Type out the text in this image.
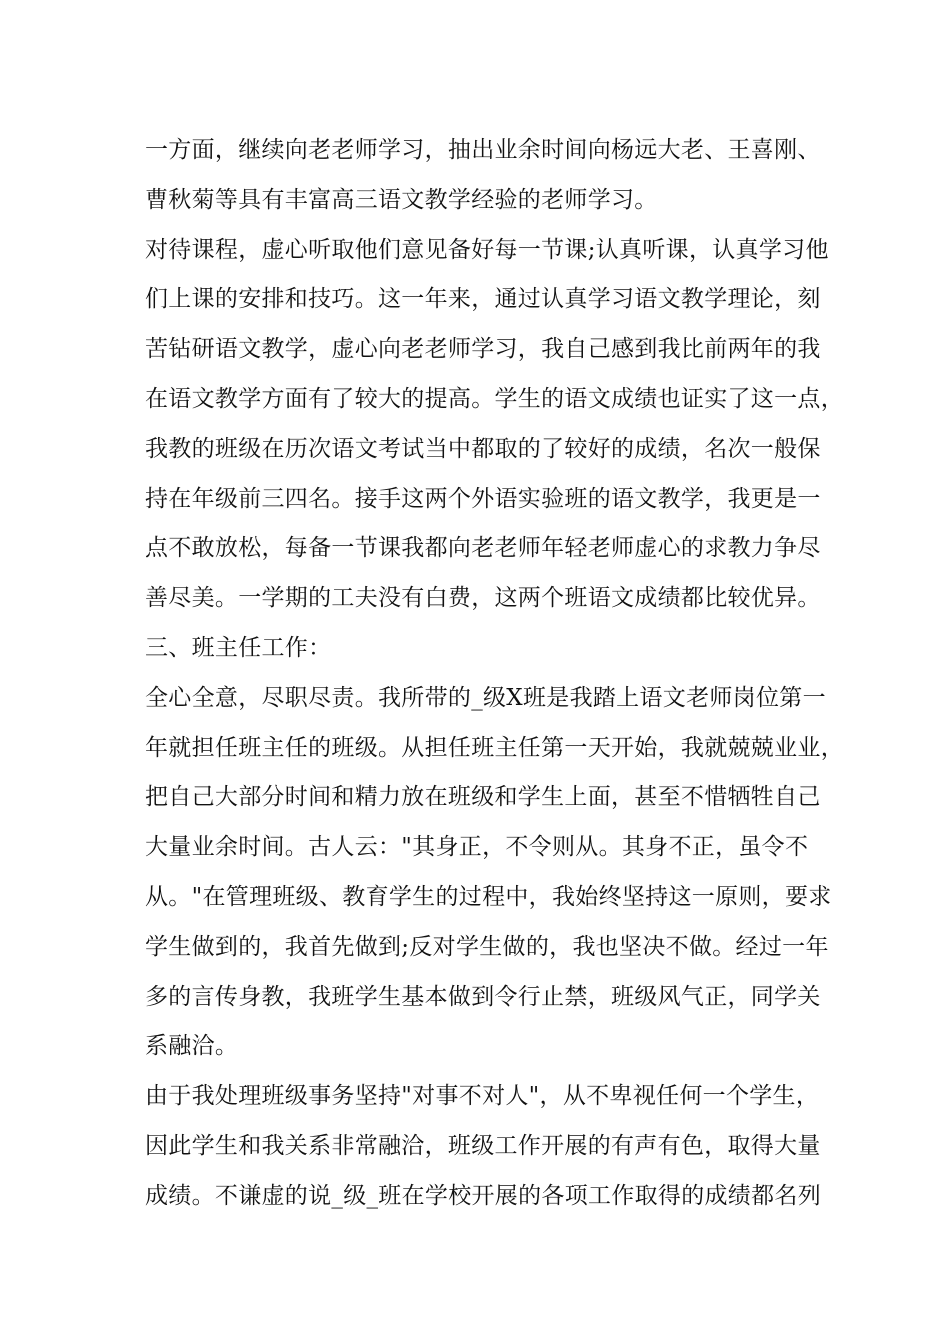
一方面，继续向老老师学习，抽出业余时间向杨远大老、王喜刚、
曹秋菊等具有丰富高三语文教学经验的老师学习。
对待课程，虚心听取他们意见备好每一节课;认真听课，认真学习他
们上课的安排和技巧。这一年来，通过认真学习语文教学理论，刻
苦钻研语文教学，虚心向老老师学习，我自己感到我比前两年的我
在语文教学方面有了较大的提高。学生的语文成绩也证实了这一点，
我教的班级在历次语文考试当中都取的了较好的成绩，名次一般保
持在年级前三四名。接手这两个外语实验班的语文教学，我更是一
点不敢放松，每备一节课我都向老老师年轻老师虚心的求教力争尽
善尽美。一学期的工夫没有白费，这两个班语文成绩都比较优异。
三、班主任工作：
全心全意，尽职尽责。我所带的_级X班是我踏上语文老师岗位第一
年就担任班主任的班级。从担任班主任第一天开始，我就兢兢业业，
把自己大部分时间和精力放在班级和学生上面，甚至不惜牺牲自己
大量业余时间。古人云："其身正，不令则从。其身不正，虽令不
从。"在管理班级、教育学生的过程中，我始终坚持这一原则，要求
学生做到的，我首先做到;反对学生做的，我也坚决不做。经过一年
多的言传身教，我班学生基本做到令行止禁，班级风气正，同学关
系融洽。
由于我处理班级事务坚持"对事不对人"，从不卑视任何一个学生，
因此学生和我关系非常融洽，班级工作开展的有声有色，取得大量
成绩。不谦虚的说_级_班在学校开展的各项工作取得的成绩都名列
